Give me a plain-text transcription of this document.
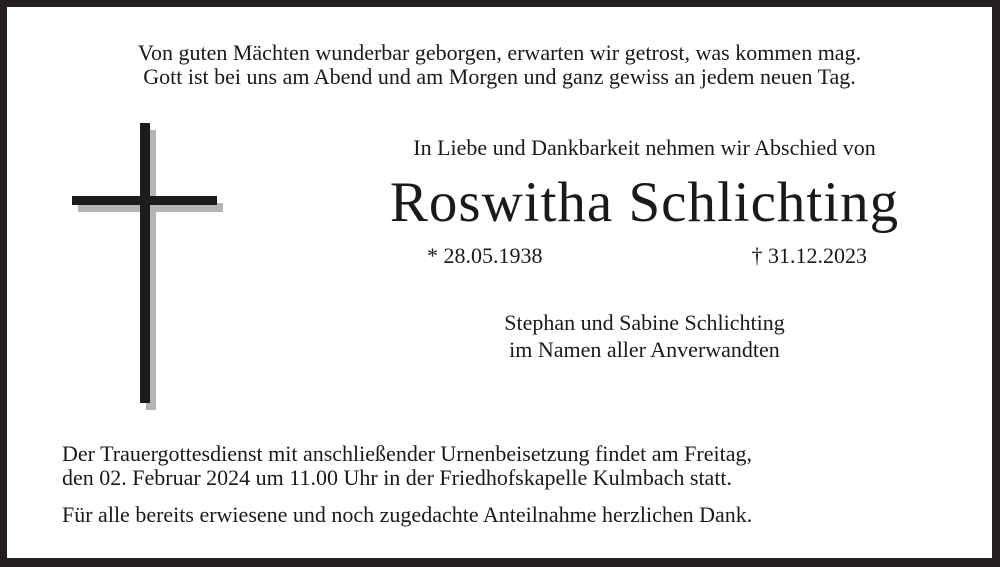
Von guten Mächten wunderbar geborgen, erwarten wir getrost, was kommen mag.
Gott ist bei uns am Abend und am Morgen und ganz gewiss an jedem neuen Tag.
In Liebe und Dankbarkeit nehmen wir Abschied von
Roswitha Schlichting
* 28.05.1938	† 31.12.2023
Stephan und Sabine Schlichting
im Namen aller Anverwandten
Der Trauergottesdienst mit anschließender Urnenbeisetzung findet am Freitag,
den 02. Februar 2024 um 11.00 Uhr in der Friedhofskapelle Kulmbach statt.
Für alle bereits erwiesene und noch zugedachte Anteilnahme herzlichen Dank.
